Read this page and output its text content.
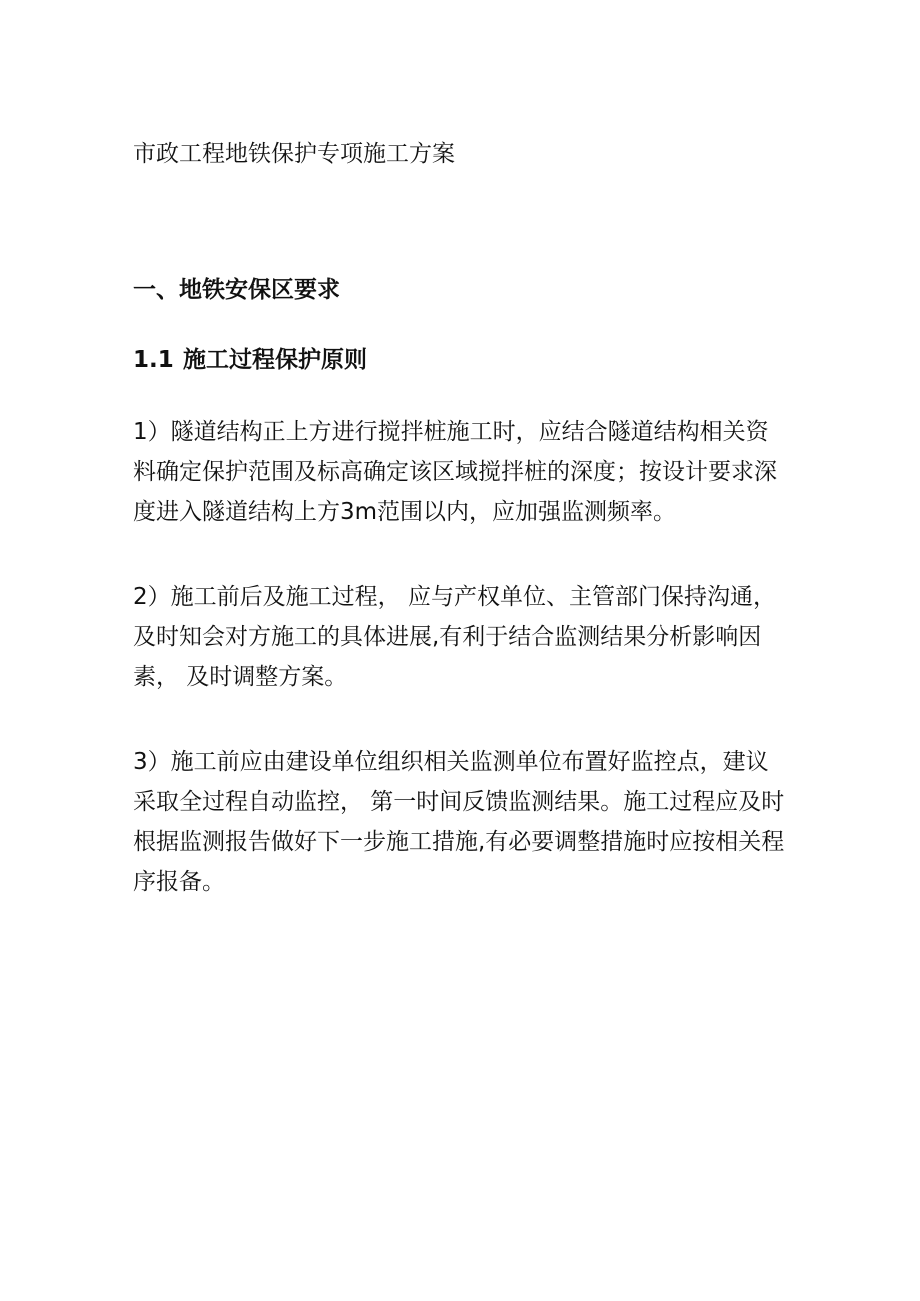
市政工程地铁保护专项施工方案

一、地铁安保区要求

1.1 施工过程保护原则

1）隧道结构正上方进行搅拌桩施工时，应结合隧道结构相关资
料确定保护范围及标高确定该区域搅拌桩的深度；按设计要求深
度进入隧道结构上方3m范围以内，应加强监测频率。

2）施工前后及施工过程， 应与产权单位、主管部门保持沟通，
及时知会对方施工的具体进展,有利于结合监测结果分析影响因
素， 及时调整方案。

3）施工前应由建设单位组织相关监测单位布置好监控点，建议
采取全过程自动监控， 第一时间反馈监测结果。施工过程应及时
根据监测报告做好下一步施工措施,有必要调整措施时应按相关程
序报备。
